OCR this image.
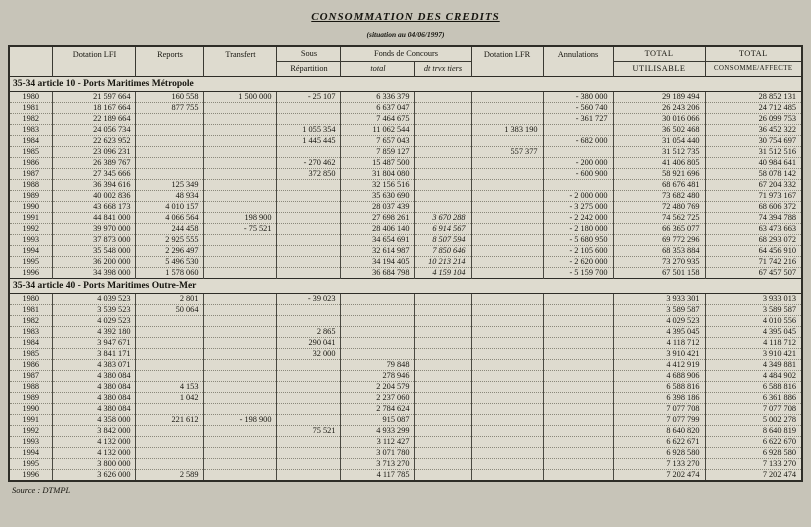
CONSOMMATION DES CREDITS
(situation au 04/06/1997)
	Dotation LFI	Reports	Transfert	Sous	Fonds de Concours		Dotation LFR	Annulations	TOTAL	TOTAL
				Répartition	total	dt trvx tiers			UTILISABLE	CONSOMME/AFFECTE
35-34 article 10 - Ports Maritimes Métropole										
1980	21 597 664	160 558	1 500 000	- 25 107	6 336 379			- 380 000	29 189 494	28 852 131
1981	18 167 664	877 755			6 637 047			- 560 740	26 243 206	24 712 485
1982	22 189 664				7 464 675			- 361 727	30 016 066	26 099 753
1983	24 056 734			1 055 354	11 062 544		1 383 190		36 502 468	36 452 322
1984	22 623 952			1 445 445	7 657 043			- 682 000	31 054 440	30 754 697
1985	23 096 231				7 859 127		557 377		31 512 735	31 512 516
1986	26 389 767			- 270 462	15 487 500			- 200 000	41 406 805	40 984 641
1987	27 345 666			372 850	31 804 080			- 600 900	58 921 696	58 078 142
1988	36 394 616	125 349			32 156 516				68 676 481	67 204 332
1989	40 002 836	48 934			35 630 690			- 2 000 000	73 682 480	71 973 167
1990	43 668 173	4 010 157			28 037 439			- 3 275 000	72 480 769	68 606 372
1991	44 841 000	4 066 564	198 900		27 698 261	3 670 288		- 2 242 000	74 562 725	74 394 788
1992	39 970 000	244 458	- 75 521		28 406 140	6 914 567		- 2 180 000	66 365 077	63 473 663
1993	37 873 000	2 925 555			34 654 691	8 507 594		- 5 680 950	69 772 296	68 293 072
1994	35 548 000	2 296 497			32 614 987	7 850 646		- 2 105 600	68 353 884	64 456 910
1995	36 200 000	5 496 530			34 194 405	10 213 214		- 2 620 000	73 270 935	71 742 216
1996	34 398 000	1 578 060			36 684 798	4 159 104		- 5 159 700	67 501 158	67 457 507
35-34 article 40 - Ports Maritimes Outre-Mer										
1980	4 039 523	2 801		- 39 023					3 933 301	3 933 013
1981	3 539 523	50 064							3 589 587	3 589 587
1982	4 029 523								4 029 523	4 010 556
1983	4 392 180			2 865					4 395 045	4 395 045
1984	3 947 671			290 041					4 118 712	4 118 712
1985	3 841 171			32 000					3 910 421	3 910 421
1986	4 383 071				79 848				4 412 919	4 349 881
1987	4 380 084				278 946				4 688 906	4 484 902
1988	4 380 084	4 153			2 204 579				6 588 816	6 588 816
1989	4 380 084	1 042			2 237 060				6 398 186	6 361 886
1990	4 380 084				2 784 624				7 077 708	7 077 708
1991	4 358 000	221 612	- 198 900		915 087				7 077 799	5 002 278
1992	3 842 000			75 521	4 933 299				8 640 820	8 640 819
1993	4 132 000				3 112 427				6 622 671	6 622 670
1994	4 132 000				3 071 780				6 928 580	6 928 580
1995	3 800 000				3 713 270				7 133 270	7 133 270
1996	3 626 000	2 589			4 117 785				7 202 474	7 202 474
Source : DTMPL
